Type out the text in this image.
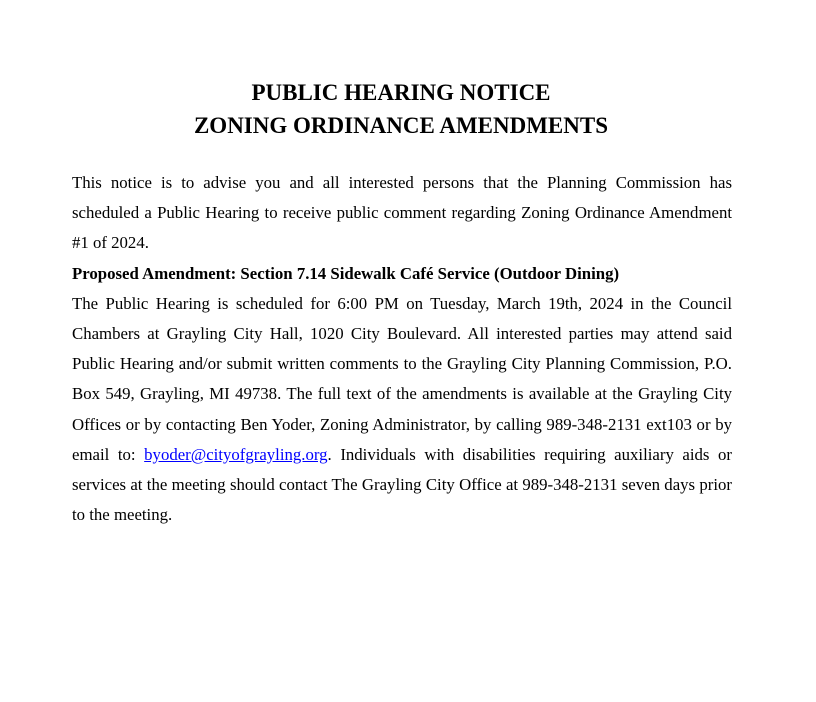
PUBLIC HEARING NOTICE

ZONING ORDINANCE AMENDMENTS

This notice is to advise you and all interested persons that the Planning Commission has scheduled a Public Hearing to receive public comment regarding Zoning Ordinance Amendment #1 of 2024.

Proposed Amendment: Section 7.14 Sidewalk Café Service (Outdoor Dining)

The Public Hearing is scheduled for 6:00 PM on Tuesday, March 19th, 2024 in the Council Chambers at Grayling City Hall, 1020 City Boulevard. All interested parties may attend said Public Hearing and/or submit written comments to the Grayling City Planning Commission, P.O. Box 549, Grayling, MI 49738. The full text of the amendments is available at the Grayling City Offices or by contacting Ben Yoder, Zoning Administrator, by calling 989-348-2131 ext103 or by email to: byoder@cityofgrayling.org. Individuals with disabilities requiring auxiliary aids or services at the meeting should contact The Grayling City Office at 989-348-2131 seven days prior to the meeting.
